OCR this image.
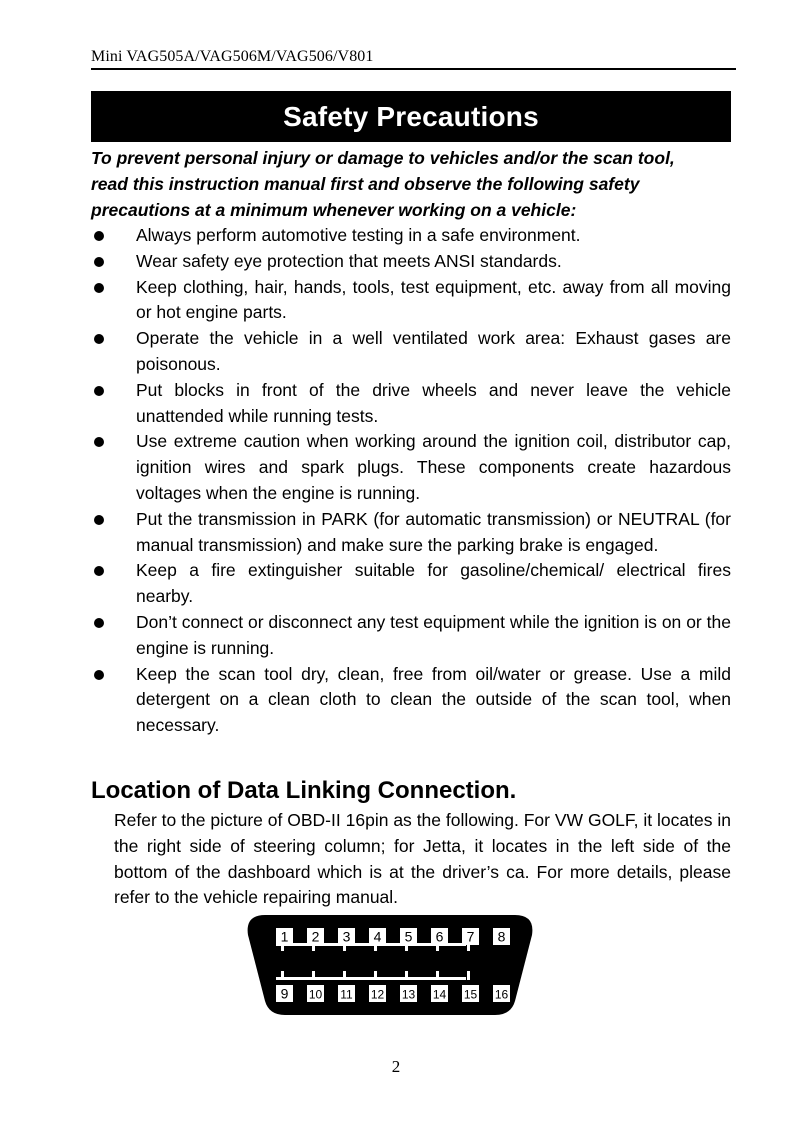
Mini VAG505A/VAG506M/VAG506/V801
Safety Precautions
To prevent personal injury or damage to vehicles and/or the scan tool, read this instruction manual first and observe the following safety precautions at a minimum whenever working on a vehicle:
Always perform automotive testing in a safe environment.
Wear safety eye protection that meets ANSI standards.
Keep clothing, hair, hands, tools, test equipment, etc. away from all moving or hot engine parts.
Operate the vehicle in a well ventilated work area: Exhaust gases are poisonous.
Put blocks in front of the drive wheels and never leave the vehicle unattended while running tests.
Use extreme caution when working around the ignition coil, distributor cap, ignition wires and spark plugs. These components create hazardous voltages when the engine is running.
Put the transmission in PARK (for automatic transmission) or NEUTRAL (for manual transmission) and make sure the parking brake is engaged.
Keep a fire extinguisher suitable for gasoline/chemical/ electrical fires nearby.
Don’t connect or disconnect any test equipment while the ignition is on or the engine is running.
Keep the scan tool dry, clean, free from oil/water or grease. Use a mild detergent on a clean cloth to clean the outside of the scan tool, when necessary.
Location of Data Linking Connection.
Refer to the picture of OBD-II 16pin as the following. For VW GOLF, it locates in the right side of steering column; for Jetta, it locates in the left side of the bottom of the dashboard which is at the driver’s ca. For more details, please refer to the vehicle repairing manual.
1 2 3 4 5 6 7 8
9 10 11 12 13 14 15 16
2
